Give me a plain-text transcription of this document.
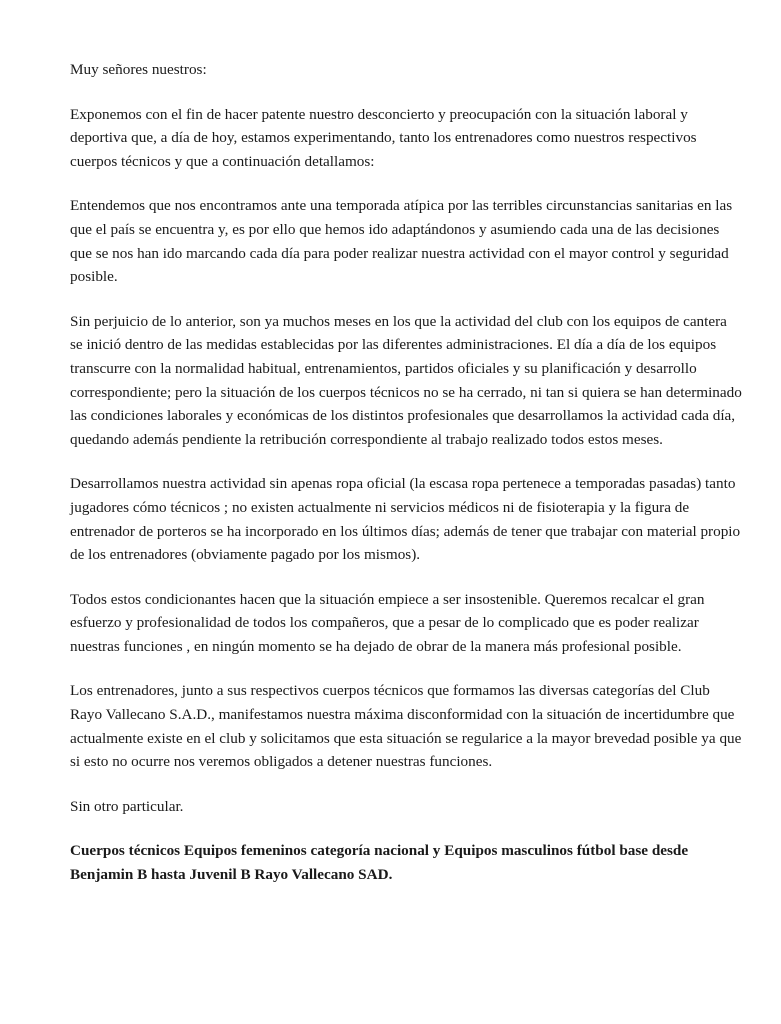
Muy señores nuestros:

Exponemos con el fin de hacer patente nuestro desconcierto y preocupación con la situación laboral y deportiva que, a día de hoy, estamos experimentando, tanto los entrenadores como nuestros respectivos cuerpos técnicos y que a continuación detallamos:

Entendemos que nos encontramos ante una temporada atípica por las terribles circunstancias sanitarias en las que el país se encuentra y, es por ello que hemos ido adaptándonos y asumiendo cada una de las decisiones que se nos han ido marcando cada día para poder realizar nuestra actividad con el mayor control y seguridad posible.

Sin perjuicio de lo anterior, son ya muchos meses en los que la actividad del club con los equipos de cantera se inició dentro de las medidas establecidas por las diferentes administraciones. El día a día de los equipos transcurre con la normalidad habitual, entrenamientos, partidos oficiales y su planificación y desarrollo correspondiente; pero la situación de los cuerpos técnicos no se ha cerrado, ni tan si quiera se han determinado las condiciones laborales y económicas de los distintos profesionales que desarrollamos la actividad cada día, quedando además pendiente la retribución correspondiente al trabajo realizado todos estos meses.

Desarrollamos nuestra actividad sin apenas ropa oficial (la escasa ropa pertenece a temporadas pasadas) tanto jugadores cómo técnicos ; no existen actualmente ni servicios médicos ni de fisioterapia y la figura de entrenador de porteros se ha incorporado en los últimos días; además de tener que trabajar con material propio de los entrenadores (obviamente pagado por los mismos).

Todos estos condicionantes hacen que la situación empiece a ser insostenible. Queremos recalcar el gran esfuerzo y profesionalidad de todos los compañeros, que a pesar de lo complicado que es poder realizar nuestras funciones , en ningún momento se ha dejado de obrar de la manera más profesional posible.

Los entrenadores, junto a sus respectivos cuerpos técnicos que formamos las diversas categorías del Club Rayo Vallecano S.A.D., manifestamos nuestra máxima disconformidad con la situación de incertidumbre que actualmente existe en el club y solicitamos que esta situación se regularice a la mayor brevedad posible ya que si esto no ocurre nos veremos obligados a detener nuestras funciones.

Sin otro particular.

Cuerpos técnicos Equipos femeninos categoría nacional y Equipos masculinos fútbol base desde Benjamin B hasta Juvenil B Rayo Vallecano SAD.
